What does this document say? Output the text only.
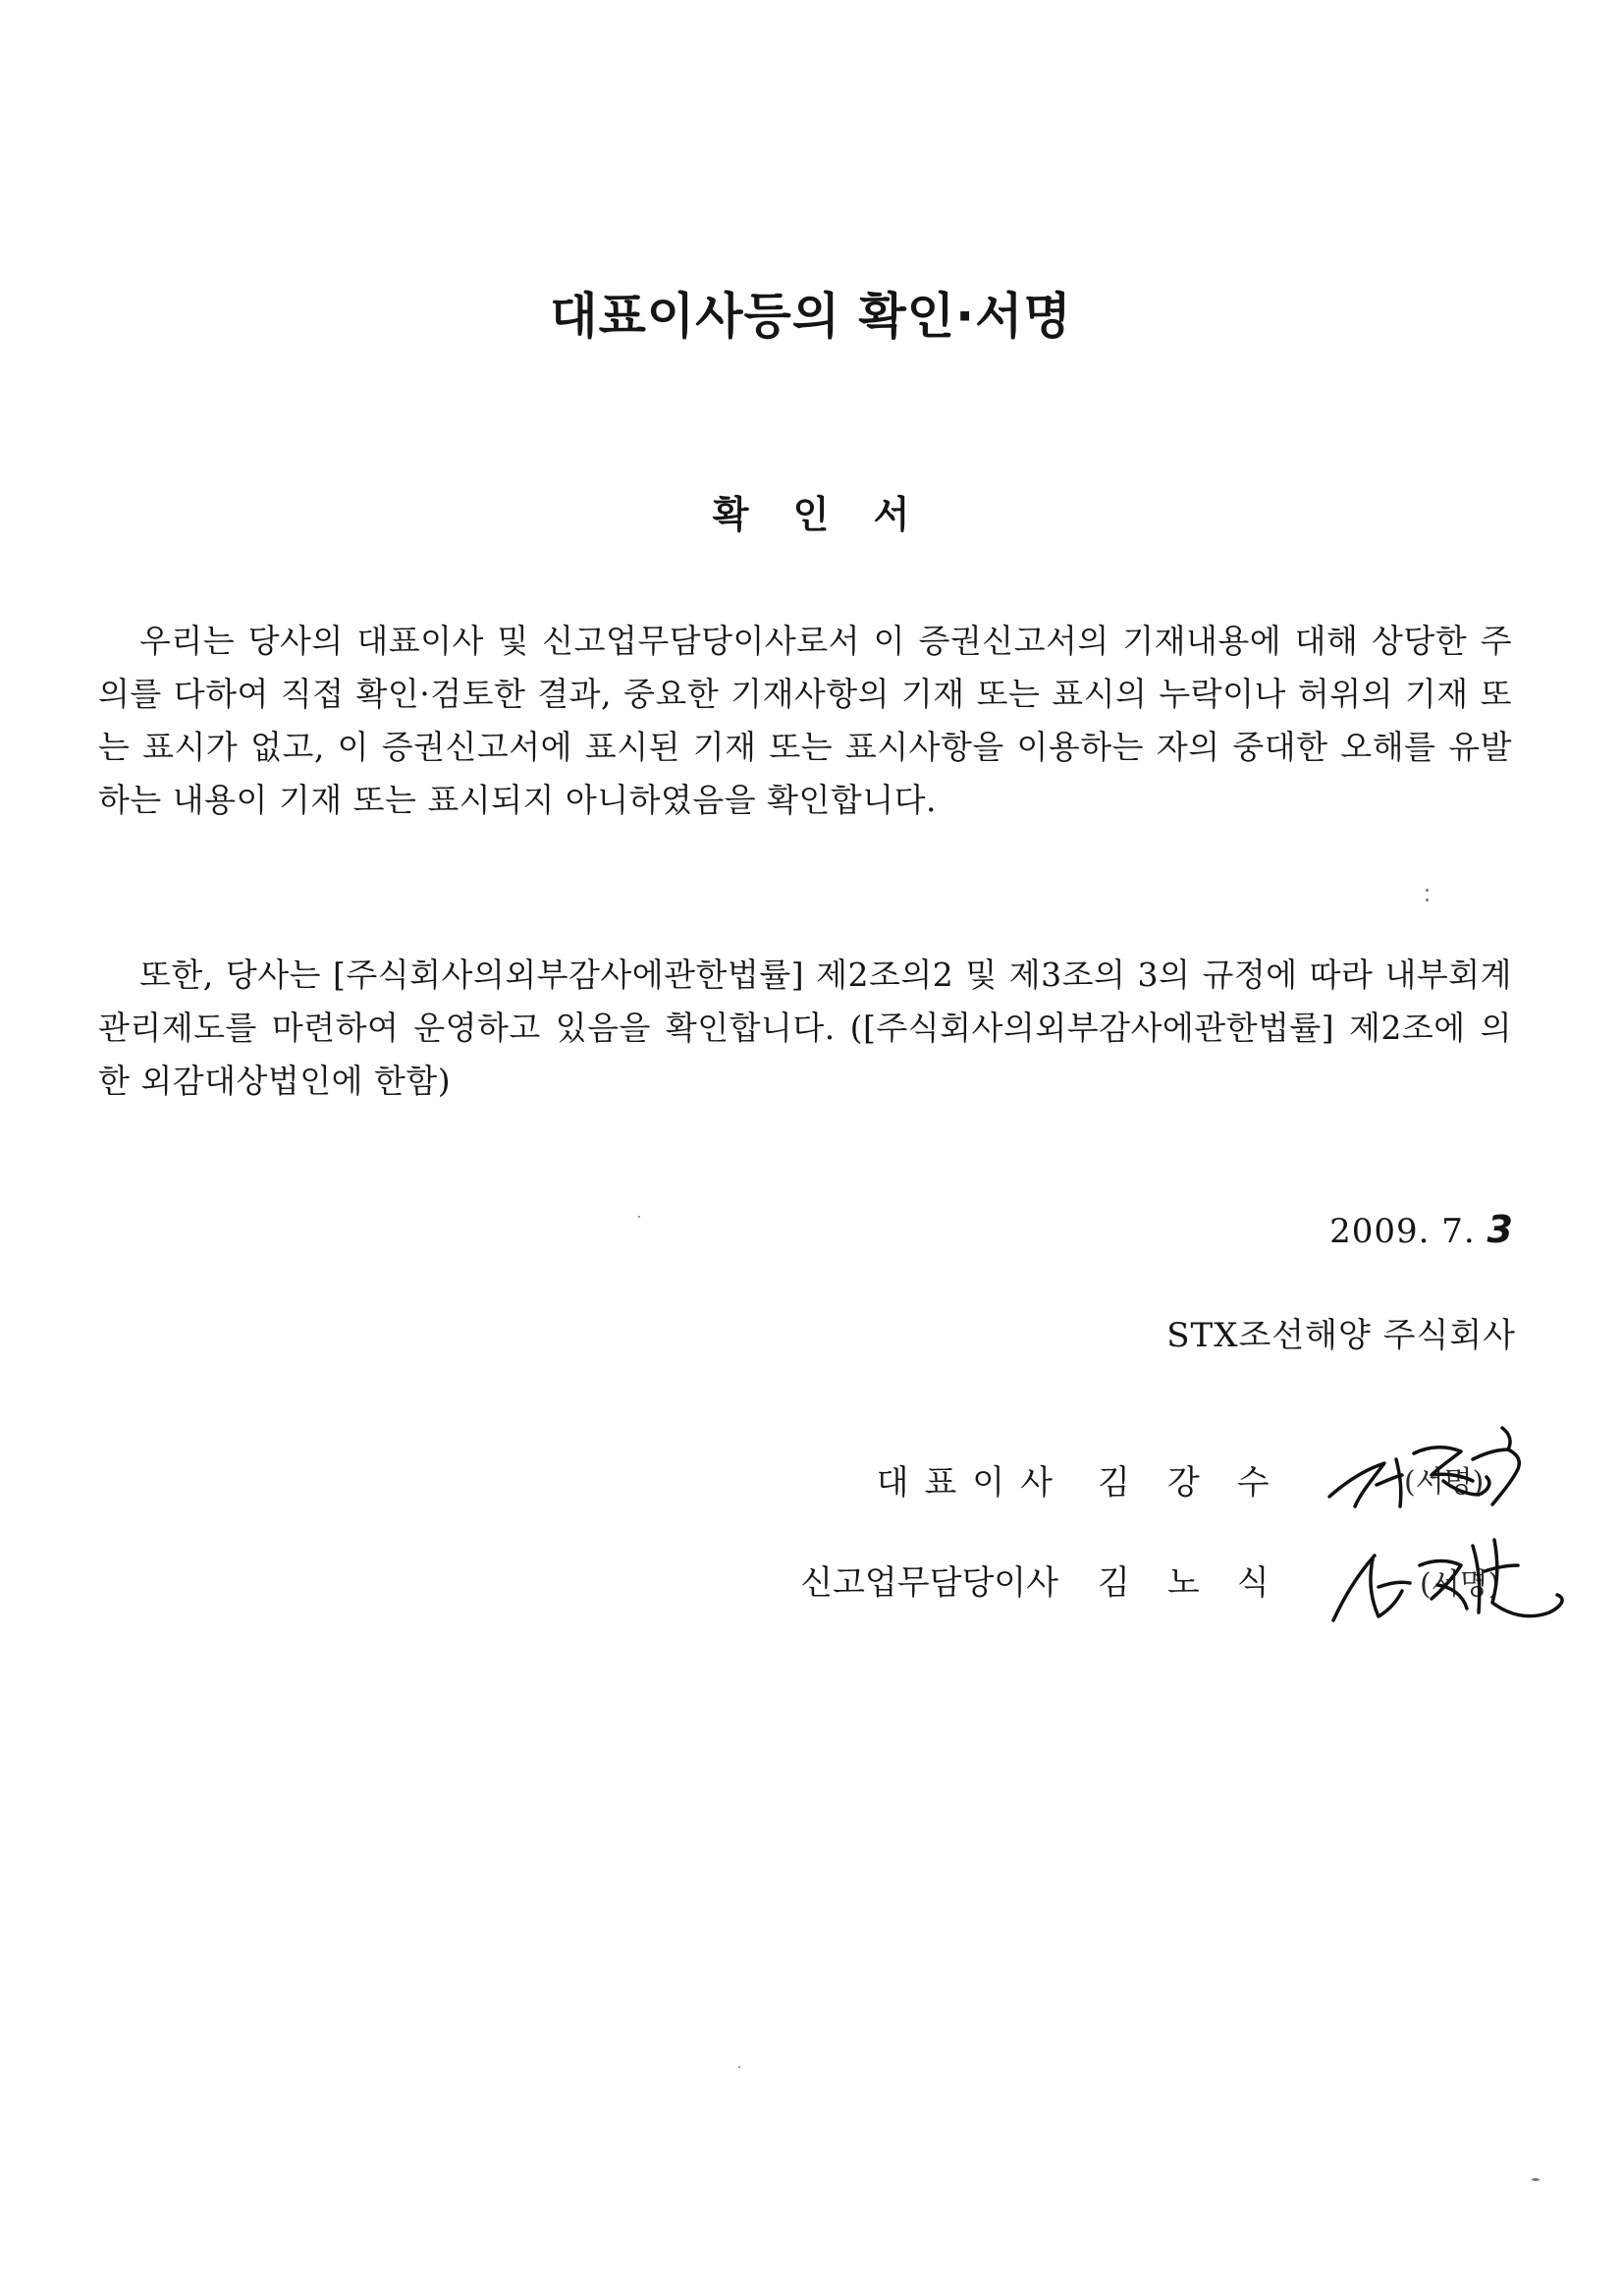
대표이사등의 확인·서명
확 인 서

우리는 당사의 대표이사 및 신고업무담당이사로서 이 증권신고서의 기재내용에 대해 상당한 주의를 다하여 직접 확인·검토한 결과, 중요한 기재사항의 기재 또는 표시의 누락이나 허위의 기재 또는 표시가 없고, 이 증권신고서에 표시된 기재 또는 표시사항을 이용하는 자의 중대한 오해를 유발하는 내용이 기재 또는 표시되지 아니하였음을 확인합니다.

또한, 당사는 [주식회사의외부감사에관한법률] 제2조의2 및 제3조의 3의 규정에 따라 내부회계관리제도를 마련하여 운영하고 있음을 확인합니다. ([주식회사의외부감사에관한법률] 제2조에 의한 외감대상법인에 한함)

2009. 7. 3
STX조선해양 주식회사
대표이사 김강수	(서명)
신고업무담당이사 김노식	(서명)
